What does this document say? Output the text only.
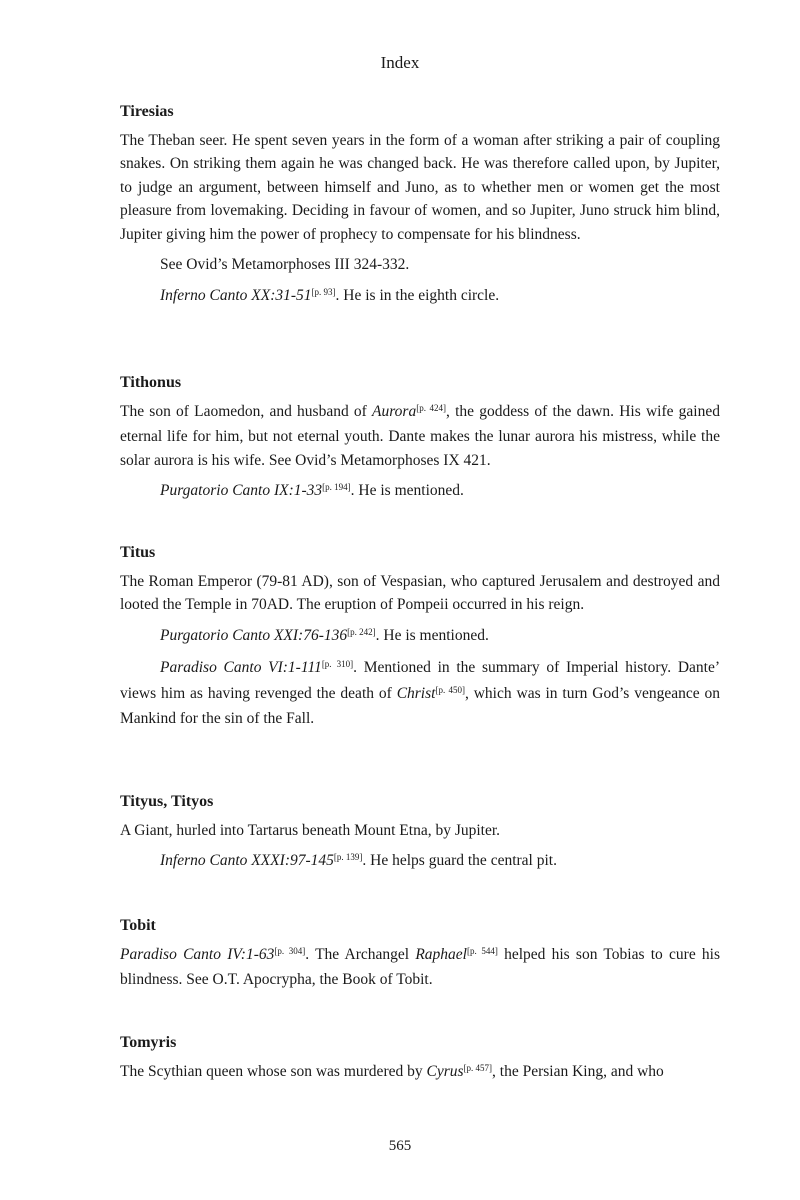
Index
Tiresias
The Theban seer. He spent seven years in the form of a woman after striking a pair of coupling snakes. On striking them again he was changed back. He was therefore called upon, by Jupiter, to judge an argument, between himself and Juno, as to whether men or women get the most pleasure from lovemaking. Deciding in favour of women, and so Jupiter, Juno struck him blind, Jupiter giving him the power of prophecy to compensate for his blindness.
See Ovid’s Metamorphoses III 324-332.
Inferno Canto XX:31-51[p. 93]. He is in the eighth circle.
Tithonus
The son of Laomedon, and husband of Aurora[p. 424], the goddess of the dawn. His wife gained eternal life for him, but not eternal youth. Dante makes the lunar aurora his mistress, while the solar aurora is his wife. See Ovid’s Metamorphoses IX 421.
Purgatorio Canto IX:1-33[p. 194]. He is mentioned.
Titus
The Roman Emperor (79-81 AD), son of Vespasian, who captured Jerusalem and destroyed and looted the Temple in 70AD. The eruption of Pompeii occurred in his reign.
Purgatorio Canto XXI:76-136[p. 242]. He is mentioned.
Paradiso Canto VI:1-111[p. 310]. Mentioned in the summary of Imperial history. Dante’ views him as having revenged the death of Christ[p. 450], which was in turn God’s vengeance on Mankind for the sin of the Fall.
Tityus, Tityos
A Giant, hurled into Tartarus beneath Mount Etna, by Jupiter.
Inferno Canto XXXI:97-145[p. 139]. He helps guard the central pit.
Tobit
Paradiso Canto IV:1-63[p. 304]. The Archangel Raphael[p. 544] helped his son Tobias to cure his blindness. See O.T. Apocrypha, the Book of Tobit.
Tomyris
The Scythian queen whose son was murdered by Cyrus[p. 457], the Persian King, and who
565
